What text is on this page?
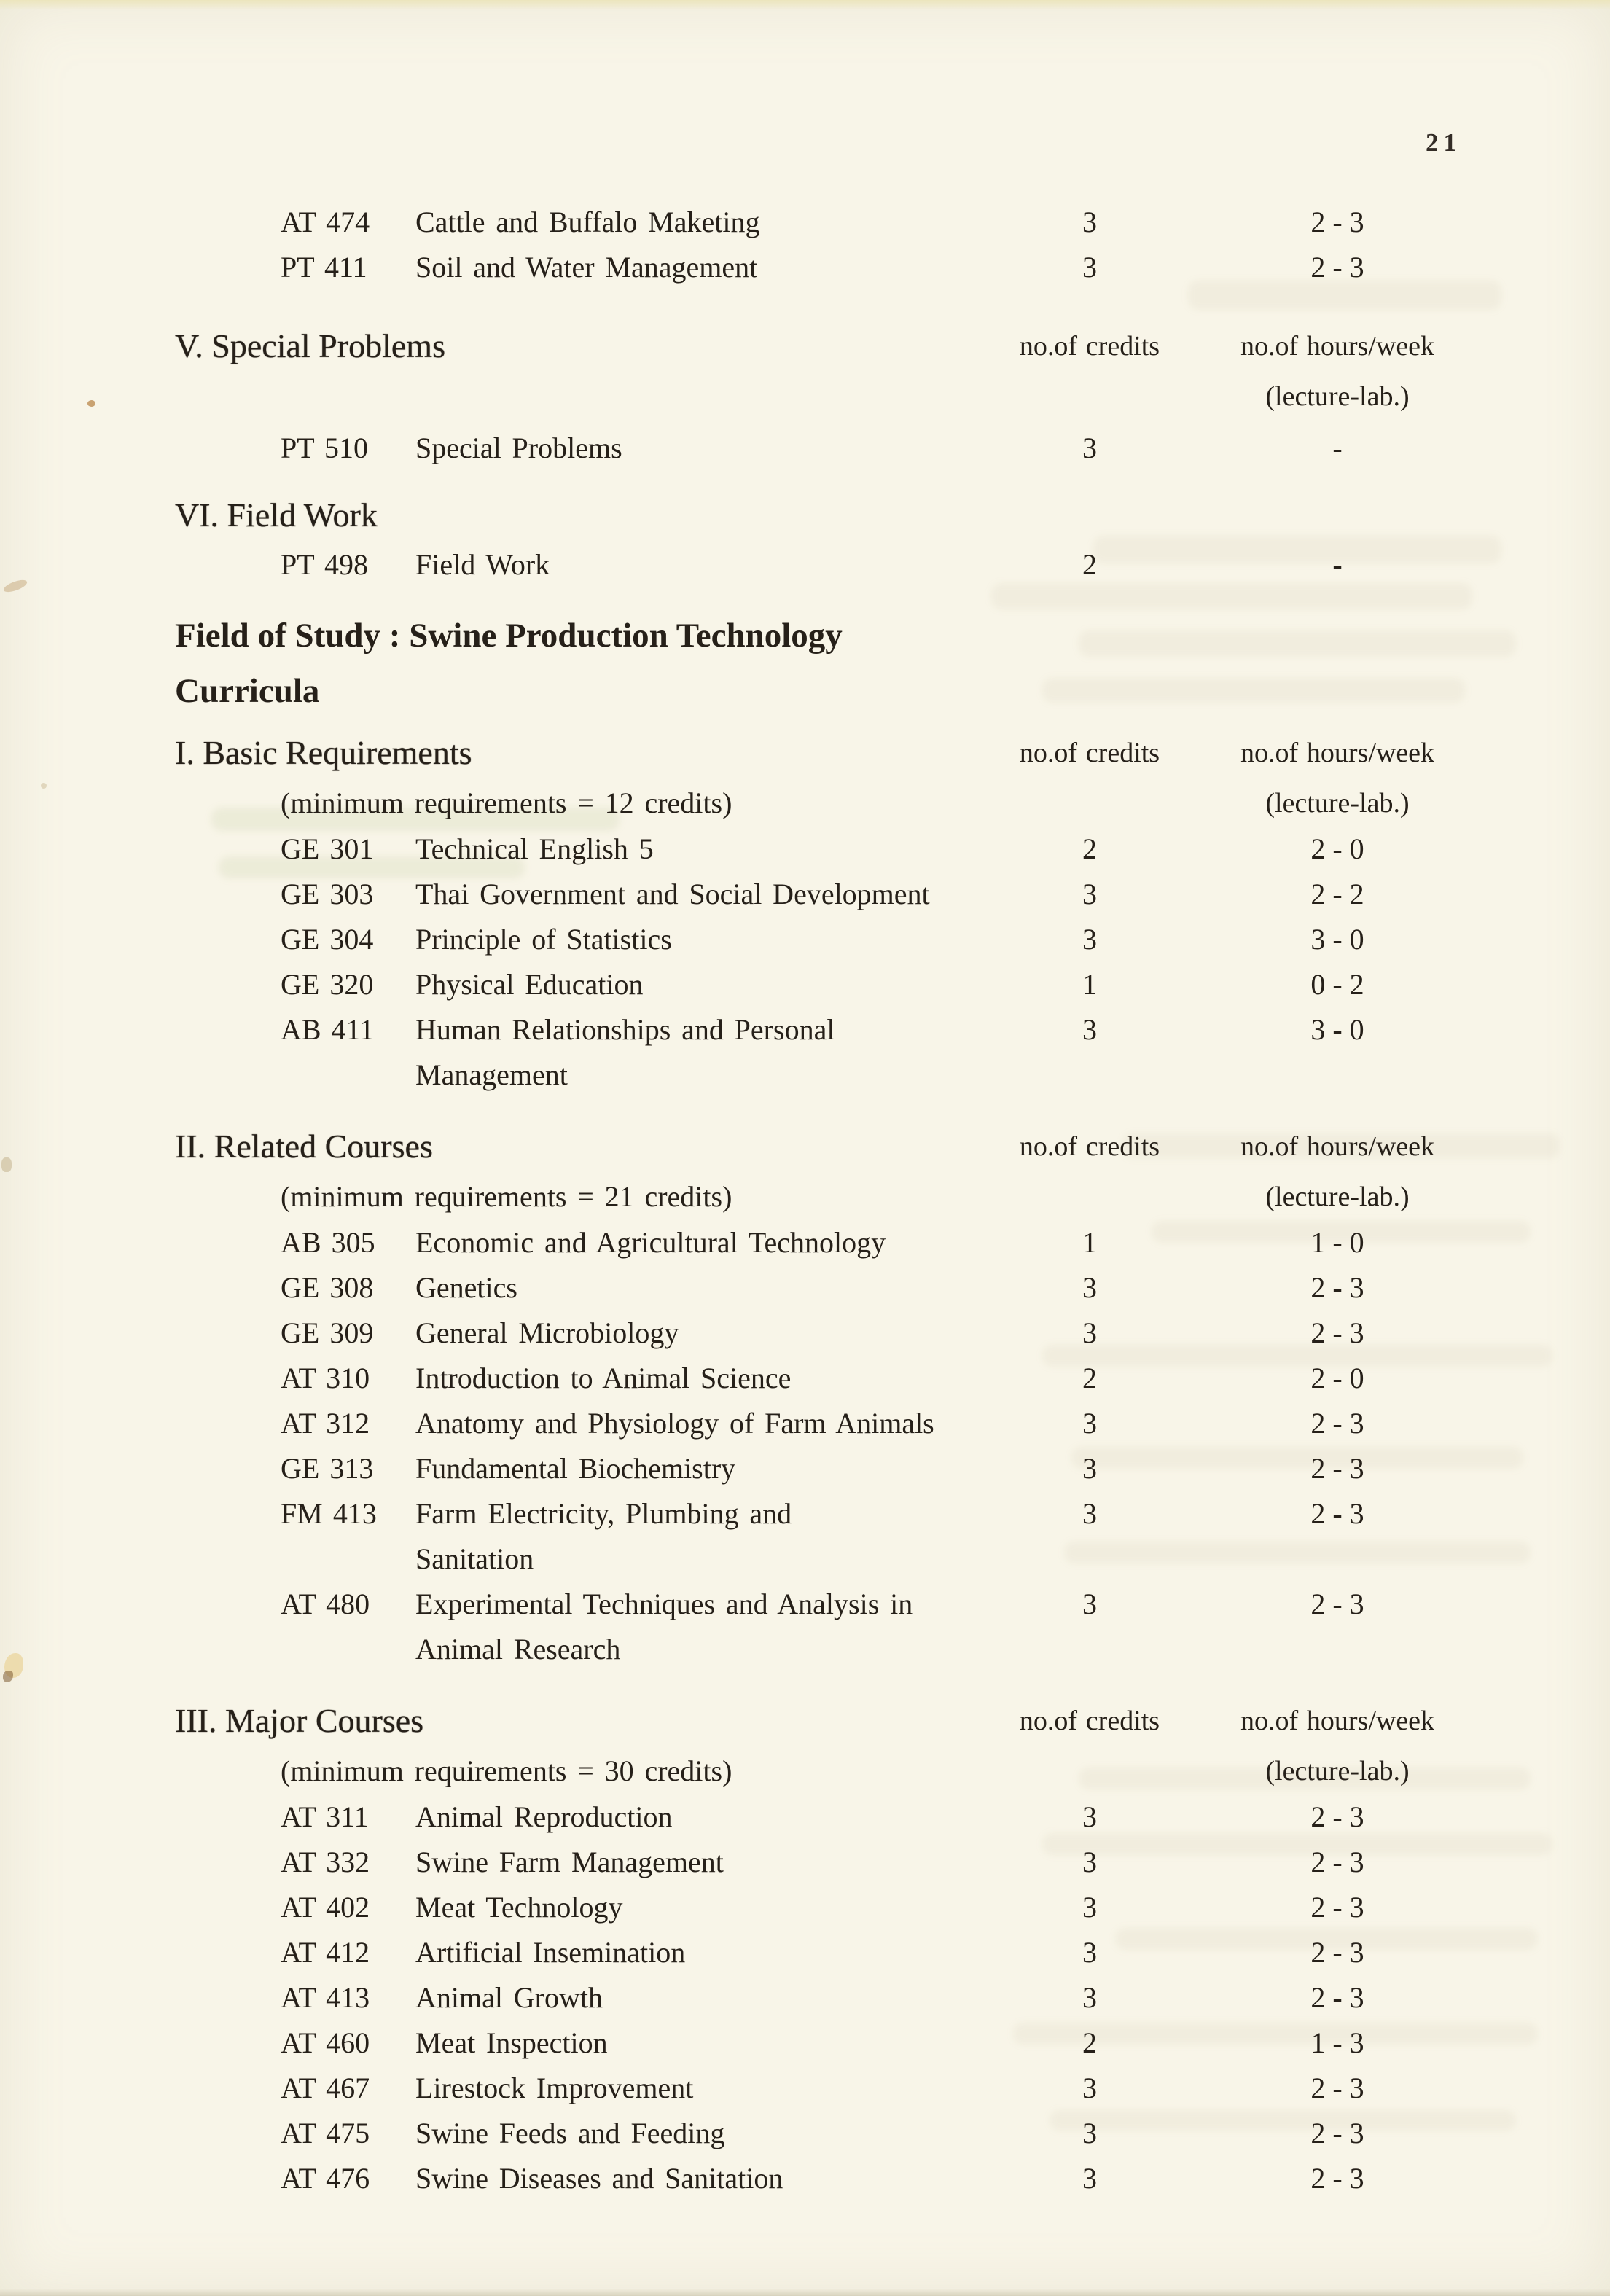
21
AT 474 Cattle and Buffalo Maketing	3	2 - 3
PT 411 Soil and Water Management	3	2 - 3
V. Special Problems	no.of credits	no.of hours/week
(lecture-lab.)
PT 510 Special Problems	3	-
VI. Field Work
PT 498 Field Work	2	-
Field of Study : Swine Production Technology
Curricula
I. Basic Requirements	no.of credits	no.of hours/week
(minimum requirements = 12 credits)	(lecture-lab.)
GE 301 Technical English 5	2	2 - 0
GE 303 Thai Government and Social Development	3	2 - 2
GE 304 Principle of Statistics	3	3 - 0
GE 320 Physical Education	1	0 - 2
AB 411 Human Relationships and Personal	3	3 - 0
Management
II. Related Courses	no.of credits	no.of hours/week
(minimum requirements = 21 credits)	(lecture-lab.)
AB 305 Economic and Agricultural Technology	1	1 - 0
GE 308 Genetics	3	2 - 3
GE 309 General Microbiology	3	2 - 3
AT 310 Introduction to Animal Science	2	2 - 0
AT 312 Anatomy and Physiology of Farm Animals	3	2 - 3
GE 313 Fundamental Biochemistry	3	2 - 3
FM 413 Farm Electricity, Plumbing and	3	2 - 3
Sanitation
AT 480 Experimental Techniques and Analysis in	3	2 - 3
Animal Research
III. Major Courses	no.of credits	no.of hours/week
(minimum requirements = 30 credits)	(lecture-lab.)
AT 311 Animal Reproduction	3	2 - 3
AT 332 Swine Farm Management	3	2 - 3
AT 402 Meat Technology	3	2 - 3
AT 412 Artificial Insemination	3	2 - 3
AT 413 Animal Growth	3	2 - 3
AT 460 Meat Inspection	2	1 - 3
AT 467 Lirestock Improvement	3	2 - 3
AT 475 Swine Feeds and Feeding	3	2 - 3
AT 476 Swine Diseases and Sanitation	3	2 - 3
